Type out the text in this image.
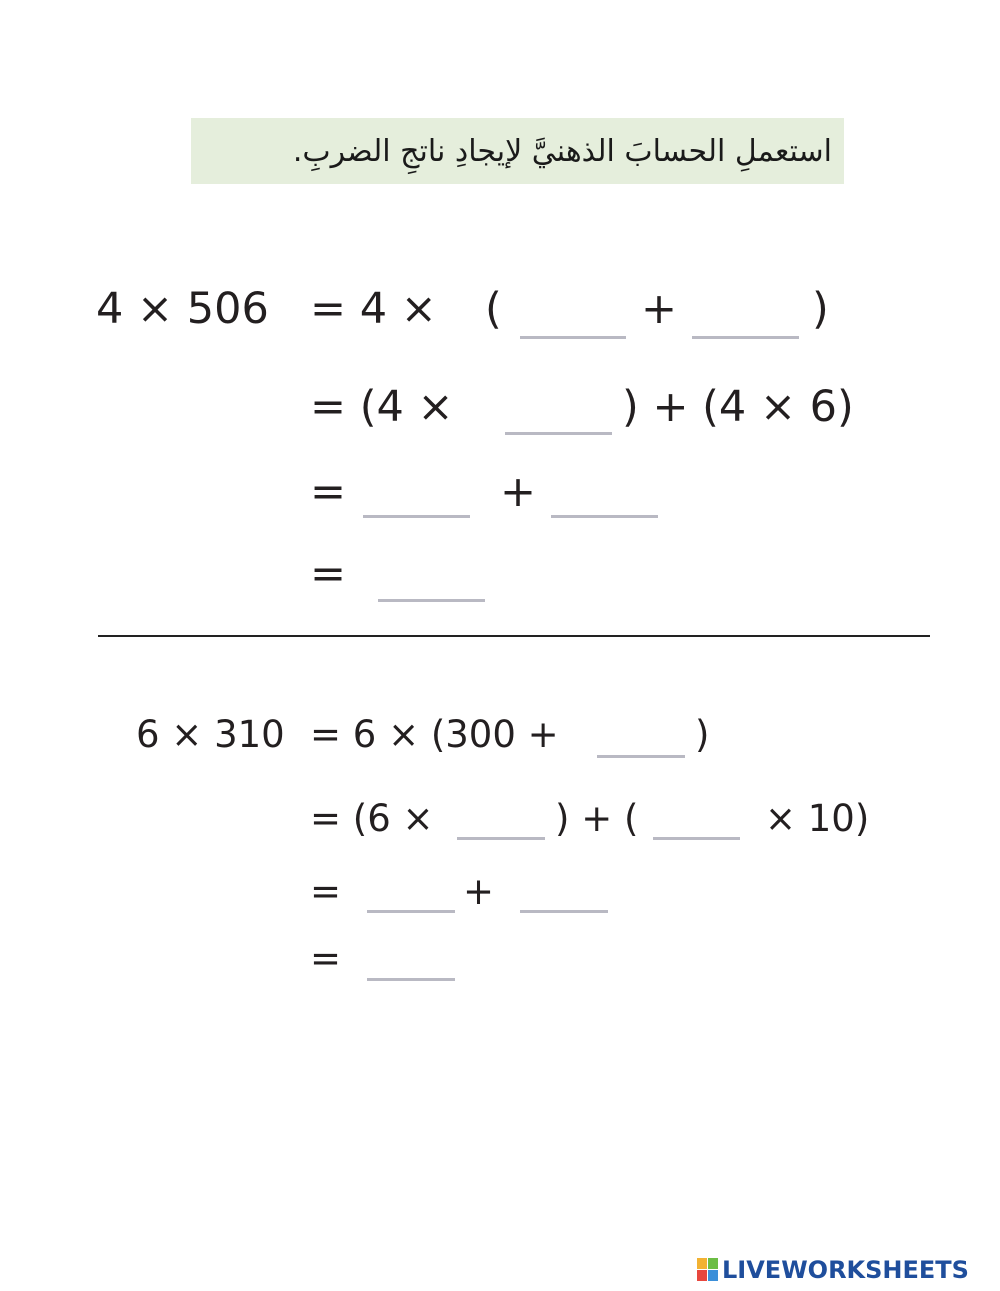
استعملِ الحسابَ الذهنيَّ لإيجادِ ناتجِ الضربِ.
4 × 506 = 4 × (	+	)
= (4 ×	) + (4 × 6)
=	+
=
6 × 310 = 6 × (300 +	)
= (6 ×	) + (	× 10)
=	+
=
LIVEWORKSHEETS
